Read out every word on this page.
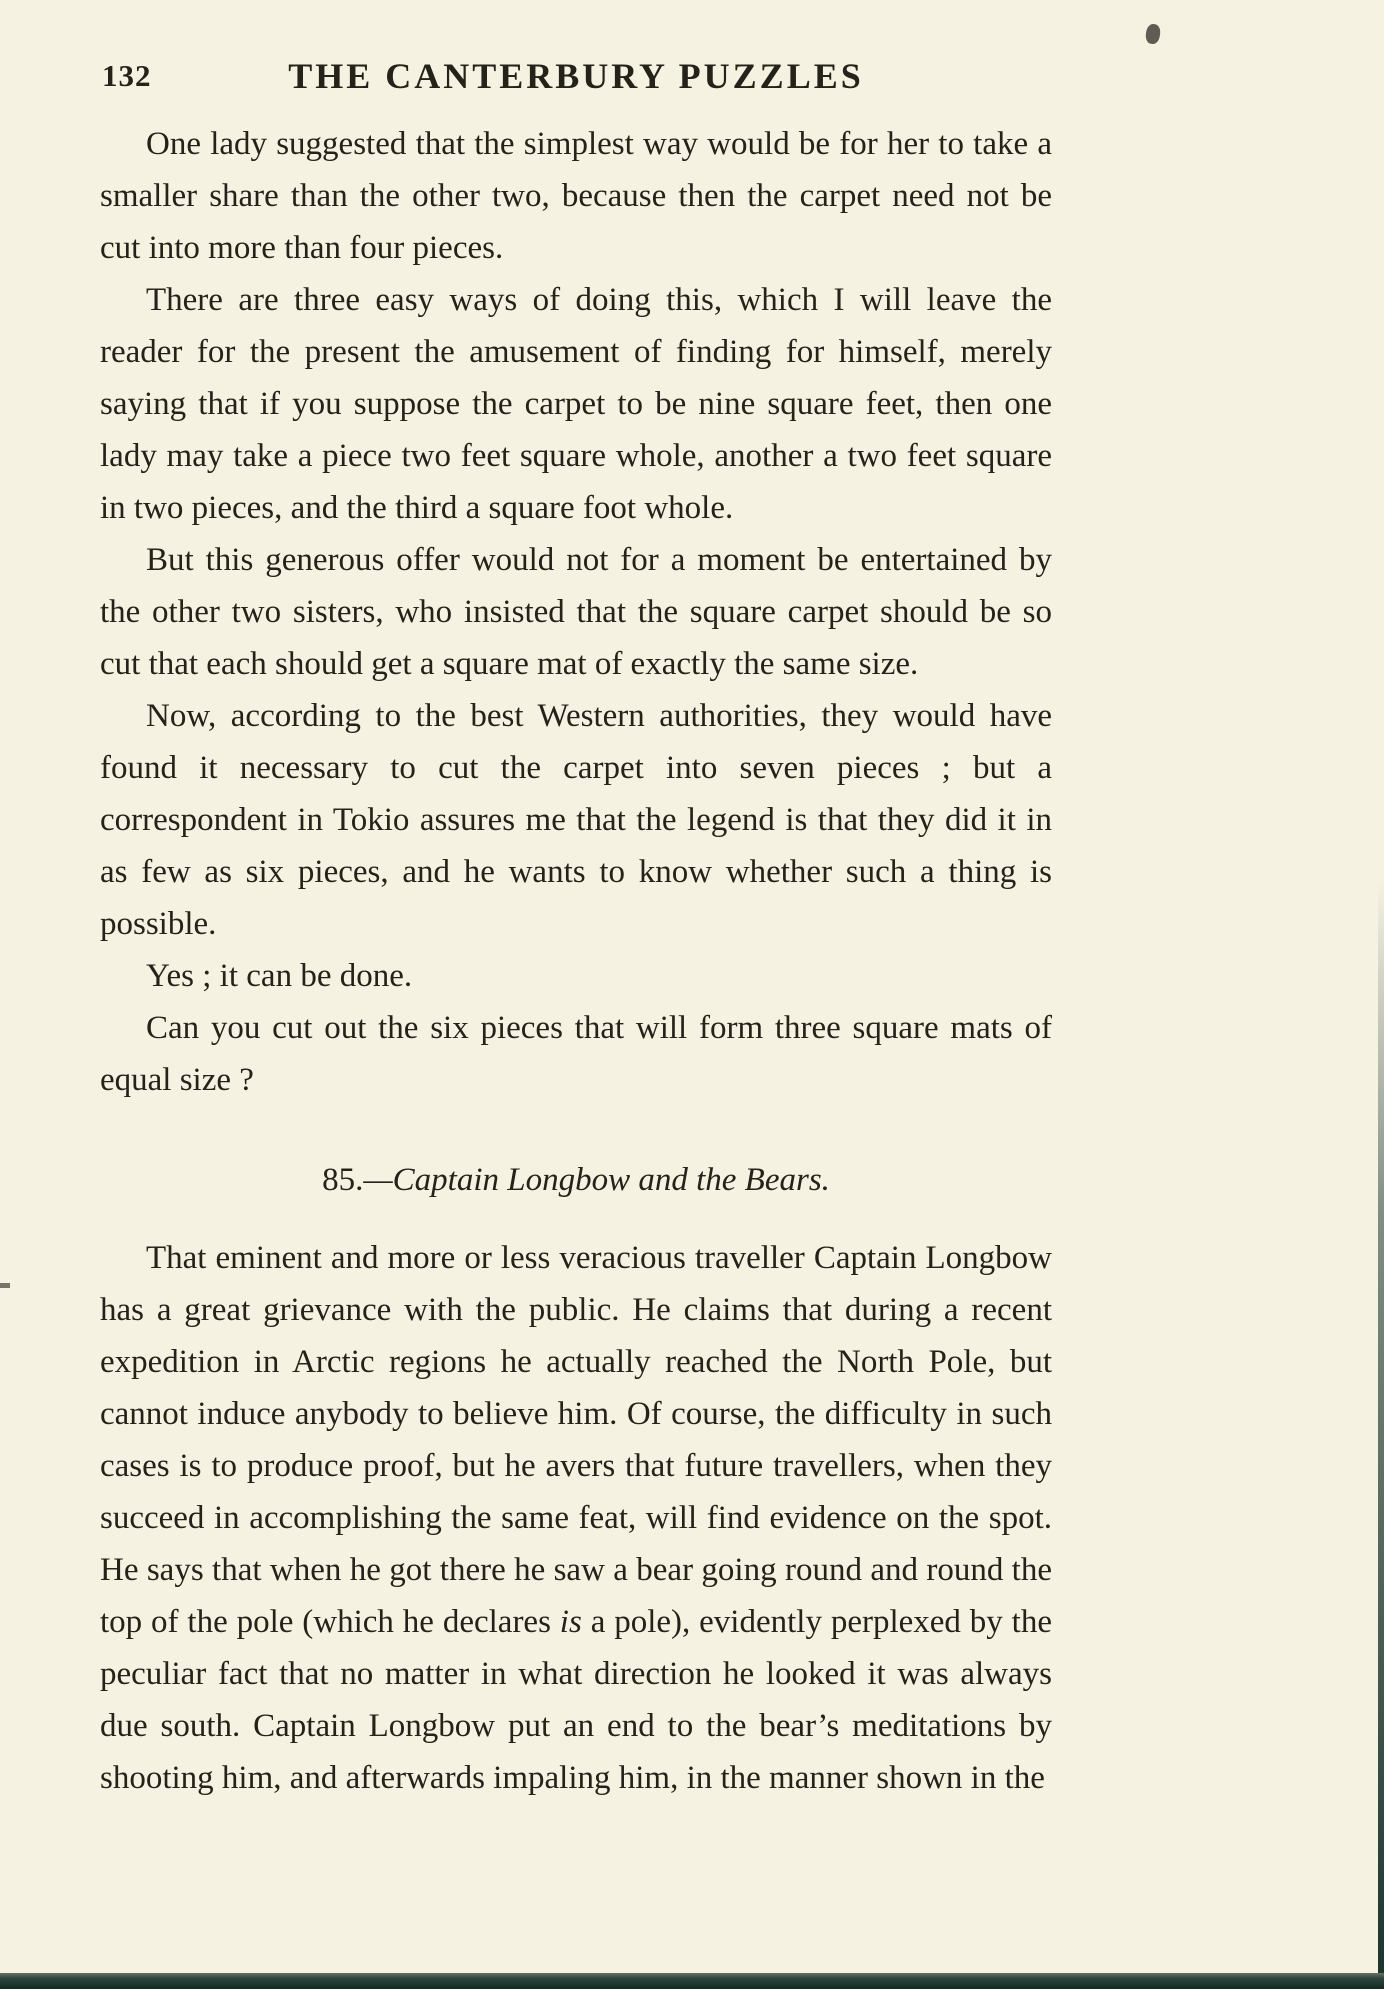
132	THE CANTERBURY PUZZLES

One lady suggested that the simplest way would be for her to take a smaller share than the other two, because then the carpet need not be cut into more than four pieces.

There are three easy ways of doing this, which I will leave the reader for the present the amusement of finding for himself, merely saying that if you suppose the carpet to be nine square feet, then one lady may take a piece two feet square whole, another a two feet square in two pieces, and the third a square foot whole.

But this generous offer would not for a moment be entertained by the other two sisters, who insisted that the square carpet should be so cut that each should get a square mat of exactly the same size.

Now, according to the best Western authorities, they would have found it necessary to cut the carpet into seven pieces ; but a correspondent in Tokio assures me that the legend is that they did it in as few as six pieces, and he wants to know whether such a thing is possible.

Yes ; it can be done.

Can you cut out the six pieces that will form three square mats of equal size ?

85.—Captain Longbow and the Bears.

That eminent and more or less veracious traveller Captain Longbow has a great grievance with the public. He claims that during a recent expedition in Arctic regions he actually reached the North Pole, but cannot induce anybody to believe him. Of course, the difficulty in such cases is to produce proof, but he avers that future travellers, when they succeed in accomplishing the same feat, will find evidence on the spot. He says that when he got there he saw a bear going round and round the top of the pole (which he declares is a pole), evidently perplexed by the peculiar fact that no matter in what direction he looked it was always due south. Captain Longbow put an end to the bear’s meditations by shooting him, and afterwards impaling him, in the manner shown in the
